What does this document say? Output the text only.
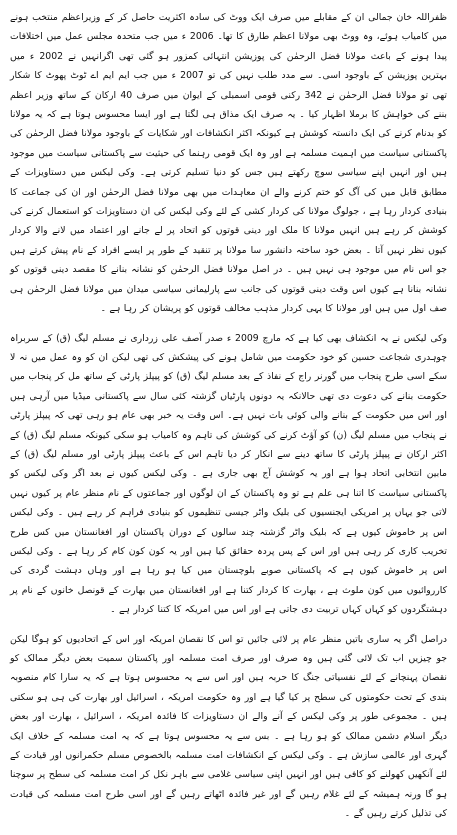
ظفراللہ خان جمالی ان کے مقابلے میں صرف ایک ووٹ کی سادہ اکثریت حاصل کر کے وزیراعظم منتخب ہونے میں کامیاب ہوئے، وہ ووٹ بھی مولانا اعظم طارق کا تھا۔ 2006 ء میں جب متحدہ مجلس عمل میں اختلافات پیدا ہونے کے باعث مولانا فضل الرحمٰن کی پوزیشن انتہائی کمزور ہو گئی تھی اگرانہیں نے 2002 ء میں بہترین پوزیشن کے باوجود اسی۔ سے مدد طلب نہیں کی تو 2007 ء میں جب ایم ایم اے ٹوٹ پھوٹ کا شکار تھی تو مولانا فضل الرحمٰن نے 342 رکنی قومی اسمبلی کے ایوان میں صرف 40 ارکان کے ساتھ وزیر اعظم بننے کی خواہش کا برملا اظہار کیا ۔ یہ صرف ایک مذاق ہی لگتا ہے اور ایسا محسوس ہوتا ہے کہ یہ مولانا کو بدنام کرنے کی ایک دانستہ کوشش ہے کیونکہ اکثر انکشافات اور شکایات کے باوجود مولانا فضل الرحمٰن کی پاکستانی سیاست میں اہمیت مسلمہ ہے اور وہ ایک قومی رہنما کی حیثیت سے پاکستانی سیاست میں موجود ہیں اور انہیں اپنے سیاسی سوچ رکھتے ہیں جس کو دنیا تسلیم کرتی ہے۔ وکی لیکس میں دستاویزات کے مطابق قابل میں کی آگ کو ختم کرنے والے ان معاہدات میں بھی مولانا فضل الرحمٰن اور ان کی جماعت کا بنیادی کردار رہا ہے ، جولوگ مولانا کی کردار کشی کے لئے وکی لیکس کی ان دستاویزات کو استعمال کرنے کی کوشش کر رہے ہیں انہیں مولانا کا ملک اور دینی قوتوں کو اتحاد پر لے جانے اور اعتماد میں لانے والا کردار کیوں نظر نہیں آتا ۔ بعض خود ساختہ دانشور سا مولانا پر تنقید کے طور پر ایسے افراد کے نام پیش کرتے ہیں جو اس نام میں موجود ہی نہیں ہیں ۔ در اصل مولانا فضل الرحمٰن کو نشانہ بنانے کا مقصد دینی قوتوں کو نشانہ بنانا ہے کیوں اس وقت دینی قوتوں کی جانب سے پارلیمانی سیاسی میدان میں مولانا فضل الرحمٰن ہی صف اول میں ہیں اور مولانا کا یہی کردار مذہب مخالف قوتوں کو پریشان کر رہا ہے ۔

وکی لیکس نے یہ انکشاف بھی کیا ہے کہ مارچ 2009 ء صدر آصف علی زرداری نے مسلم لیگ (ق) کے سربراہ چوہدری شجاعت حسین کو خود حکومت میں شامل ہونے کی پیشکش کی تھی لیکن ان کو وہ عمل میں نہ لا سکے اسی طرح پنجاب میں گورنر راج کے نفاذ کے بعد مسلم لیگ (ق) کو پیپلز پارٹی کے ساتھ مل کر پنجاب میں حکومت بنانے کی دعوت دی تھی حالانکہ یہ دونوں پارٹیاں گزشتہ کئی سال سے پاکستانی میڈیا میں آرہی ہیں اور اس میں حکومت کے بنانے والی کوئی بات نہیں ہے۔ اس وقت یہ خبر بھی عام ہو رہی تھی کہ پیپلز پارٹی نے پنجاب میں مسلم لیگ (ن) کو آؤٹ کرنے کی کوشش کی تاہم وہ کامیاب ہو سکی کیونکہ مسلم لیگ (ق) کے اکثر ارکان نے پیپلز پارٹی کا ساتھ دینے سے انکار کر دیا تاہم اس کے باعث پیپلز پارٹی اور مسلم لیگ (ق) کے مابین انتخابی اتحاد ہوا ہے اور یہ کوشش آج بھی جاری ہے ۔ وکی لیکس کیوں نے بعد اگر وکی لیکس کو پاکستانی سیاست کا اتنا ہی علم ہے تو وہ پاکستان کے ان لوگوں اور جماعتوں کے نام منظر عام پر کیوں نہیں لاتی جو یہاں پر امریکی ایجنسیوں کی بلیک واٹر جیسی تنظیموں کو بنیادی فراہم کر رہے ہیں ۔ وکی لیکس اس پر خاموش کیوں ہے کہ بلیک واٹر گزشتہ چند سالوں کے دوران پاکستان اور افغانستان میں کس طرح تخریب کاری کر رہی ہیں اور اس کے پس پردہ حقائق کیا ہیں اور یہ کون کون کام کر رہا ہے ۔ وکی لیکس اس پر خاموش کیوں ہے کہ پاکستانی صوبے بلوچستان میں کیا ہو رہا ہے اور وہاں دہشت گردی کی کارروائیوں میں کون ملوث ہے ، بھارت کا کردار کتنا ہے اور افغانستان میں بھارت کے قونصل خانوں کے نام پر دہشتگردوں کو کہاں کہاں تربیت دی جاتی ہے اور اس میں امریکہ کا کتنا کردار ہے ۔

دراصل اگر یہ ساری باتیں منظر عام پر لائی جائیں تو اس کا نقصان امریکہ اور اس کے اتحادیوں کو ہوگا لیکن جو چیزیں اب تک لائی گئی ہیں وہ صرف اور صرف امت مسلمہ اور پاکستان سمیت بعض دیگر ممالک کو نقصان پہنچانے کے لئے نفسیاتی جنگ کا حربہ ہیں اور اس سے یہ محسوس ہوتا ہے کہ یہ سارا کام منصوبہ بندی کے تحت حکومتوں کی سطح پر کیا گیا ہے اور وہ حکومت امریکہ ، اسرائیل اور بھارت کی ہی ہو سکتی ہیں ۔ مجموعی طور پر وکی لیکس کے آنے والے ان دستاویزات کا فائدہ امریکہ ، اسرائیل ، بھارت اور بعض دیگر اسلام دشمن ممالک کو ہو رہا ہے ۔ بس سے یہ محسوس ہوتا ہے کہ یہ امت مسلمہ کے خلاف ایک گہری اور عالمی سازش ہے ۔ وکی لیکس کے انکشافات امت مسلمہ بالخصوص مسلم حکمرانوں اور قیادت کے لئے آنکھیں کھولنے کو کافی ہیں اور انہیں اپنی سیاسی غلامی سے باہر نکل کر امت مسلمہ کی سطح پر سوچنا ہو گا ورنہ ہمیشہ کے لئے غلام رہیں گے اور غیر فائدہ اٹھاتے رہیں گے اور اسی طرح امت مسلمہ کی قیادت کی تذلیل کرتے رہیں گے ۔
